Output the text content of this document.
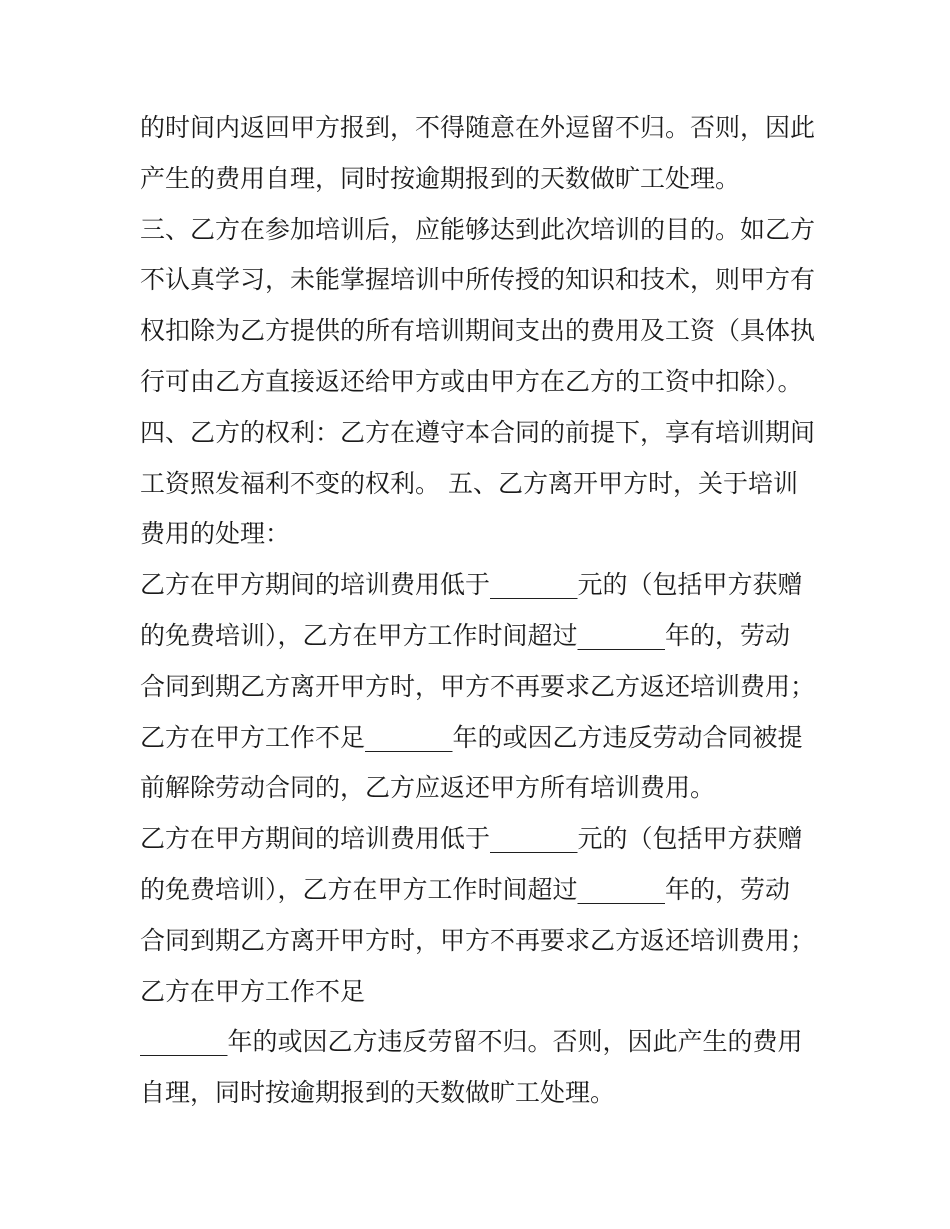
的时间内返回甲方报到，不得随意在外逗留不归。否则，因此
产生的费用自理，同时按逾期报到的天数做旷工处理。
三、乙方在参加培训后，应能够达到此次培训的目的。如乙方
不认真学习，未能掌握培训中所传授的知识和技术，则甲方有
权扣除为乙方提供的所有培训期间支出的费用及工资（具体执
行可由乙方直接返还给甲方或由甲方在乙方的工资中扣除）。
四、乙方的权利：乙方在遵守本合同的前提下，享有培训期间
工资照发福利不变的权利。 五、乙方离开甲方时，关于培训
费用的处理：
乙方在甲方期间的培训费用低于_______元的（包括甲方获赠
的免费培训），乙方在甲方工作时间超过_______年的，劳动
合同到期乙方离开甲方时，甲方不再要求乙方返还培训费用；
乙方在甲方工作不足_______年的或因乙方违反劳动合同被提
前解除劳动合同的，乙方应返还甲方所有培训费用。
乙方在甲方期间的培训费用低于_______元的（包括甲方获赠
的免费培训），乙方在甲方工作时间超过_______年的，劳动
合同到期乙方离开甲方时，甲方不再要求乙方返还培训费用；
乙方在甲方工作不足
_______年的或因乙方违反劳留不归。否则，因此产生的费用
自理，同时按逾期报到的天数做旷工处理。
